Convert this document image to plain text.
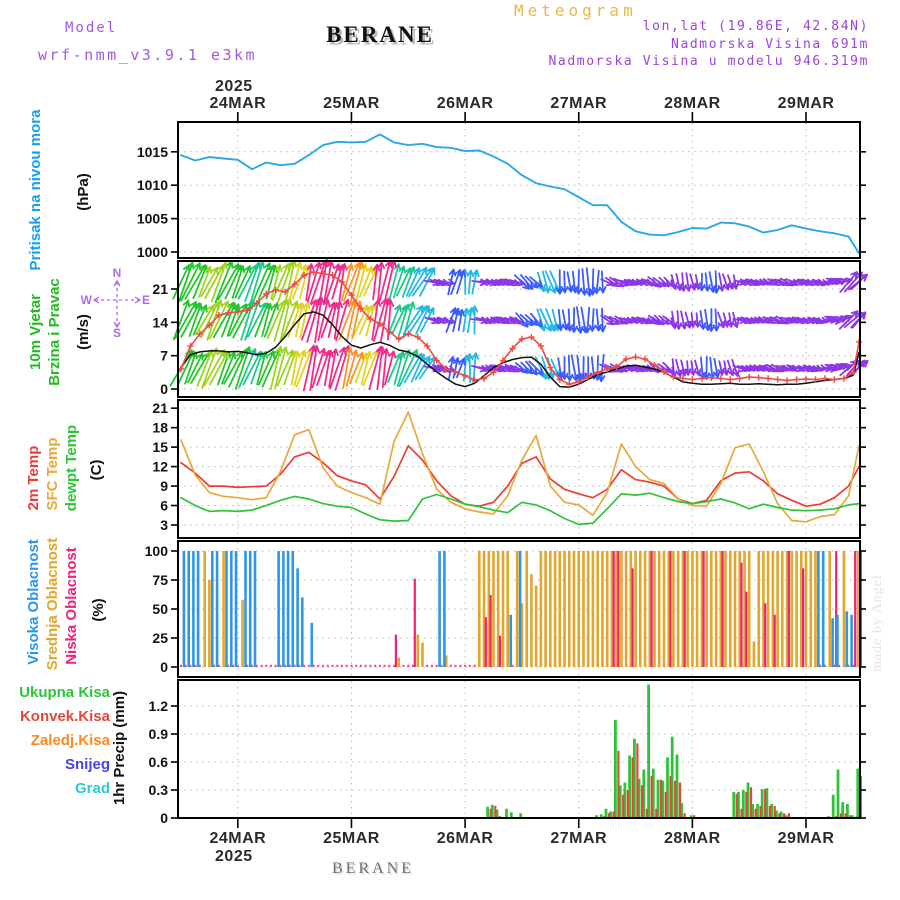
Meteogram
Model
wrf-nmm_v3.9.1 e3km
BERANE	lon,lat (19.86E, 42.84N)
Nadmorska Visina 691m
Nadmorska Visina u modelu 946.319m
BERANE
made by Angel
1015
1010
1005
1000
21
14
7
0
21
18
15
12
9
6
3
100
75
50
25
0
1.2
0.9
0.6
0.3
0
24MAR
24MAR
25MAR
25MAR
26MAR
26MAR
27MAR
27MAR
28MAR
28MAR
29MAR
29MAR
2025
2025
Pritisak na nivou mora (hPa)
10m Vjetar Brzina i Pravac (m/s)
N
W	E
S
2m Temp SFC Temp dewpt Temp (C)
Visoka Oblacnost Srednja Oblacnost Niska Oblacnost (%)
Ukupna Kisa
Konvek.Kisa
Zaledj.Kisa
Snijeg
Grad 1hr Precip (mm)
